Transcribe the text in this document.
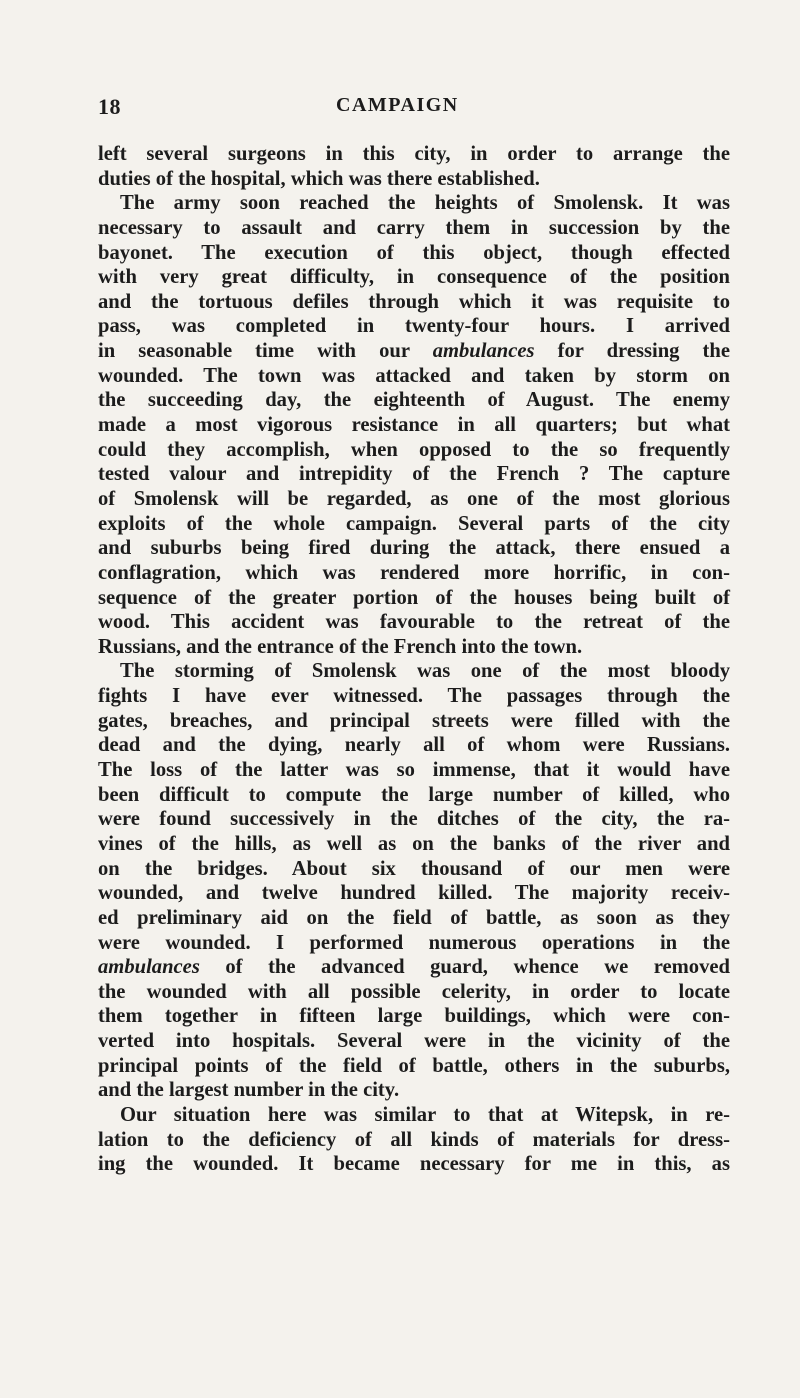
18	CAMPAIGN
left several surgeons in this city, in order to arrange the
duties of the hospital, which was there established.
The army soon reached the heights of Smolensk. It was
necessary to assault and carry them in succession by the
bayonet. The execution of this object, though effected
with very great difficulty, in consequence of the position
and the tortuous defiles through which it was requisite to
pass, was completed in twenty-four hours. I arrived
in seasonable time with our ambulances for dressing the
wounded. The town was attacked and taken by storm on
the succeeding day, the eighteenth of August. The enemy
made a most vigorous resistance in all quarters; but what
could they accomplish, when opposed to the so frequently
tested valour and intrepidity of the French ? The capture
of Smolensk will be regarded, as one of the most glorious
exploits of the whole campaign. Several parts of the city
and suburbs being fired during the attack, there ensued a
conflagration, which was rendered more horrific, in con-
sequence of the greater portion of the houses being built of
wood. This accident was favourable to the retreat of the
Russians, and the entrance of the French into the town.
The storming of Smolensk was one of the most bloody
fights I have ever witnessed. The passages through the
gates, breaches, and principal streets were filled with the
dead and the dying, nearly all of whom were Russians.
The loss of the latter was so immense, that it would have
been difficult to compute the large number of killed, who
were found successively in the ditches of the city, the ra-
vines of the hills, as well as on the banks of the river and
on the bridges. About six thousand of our men were
wounded, and twelve hundred killed. The majority receiv-
ed preliminary aid on the field of battle, as soon as they
were wounded. I performed numerous operations in the
ambulances of the advanced guard, whence we removed
the wounded with all possible celerity, in order to locate
them together in fifteen large buildings, which were con-
verted into hospitals. Several were in the vicinity of the
principal points of the field of battle, others in the suburbs,
and the largest number in the city.
Our situation here was similar to that at Witepsk, in re-
lation to the deficiency of all kinds of materials for dress-
ing the wounded. It became necessary for me in this, as
